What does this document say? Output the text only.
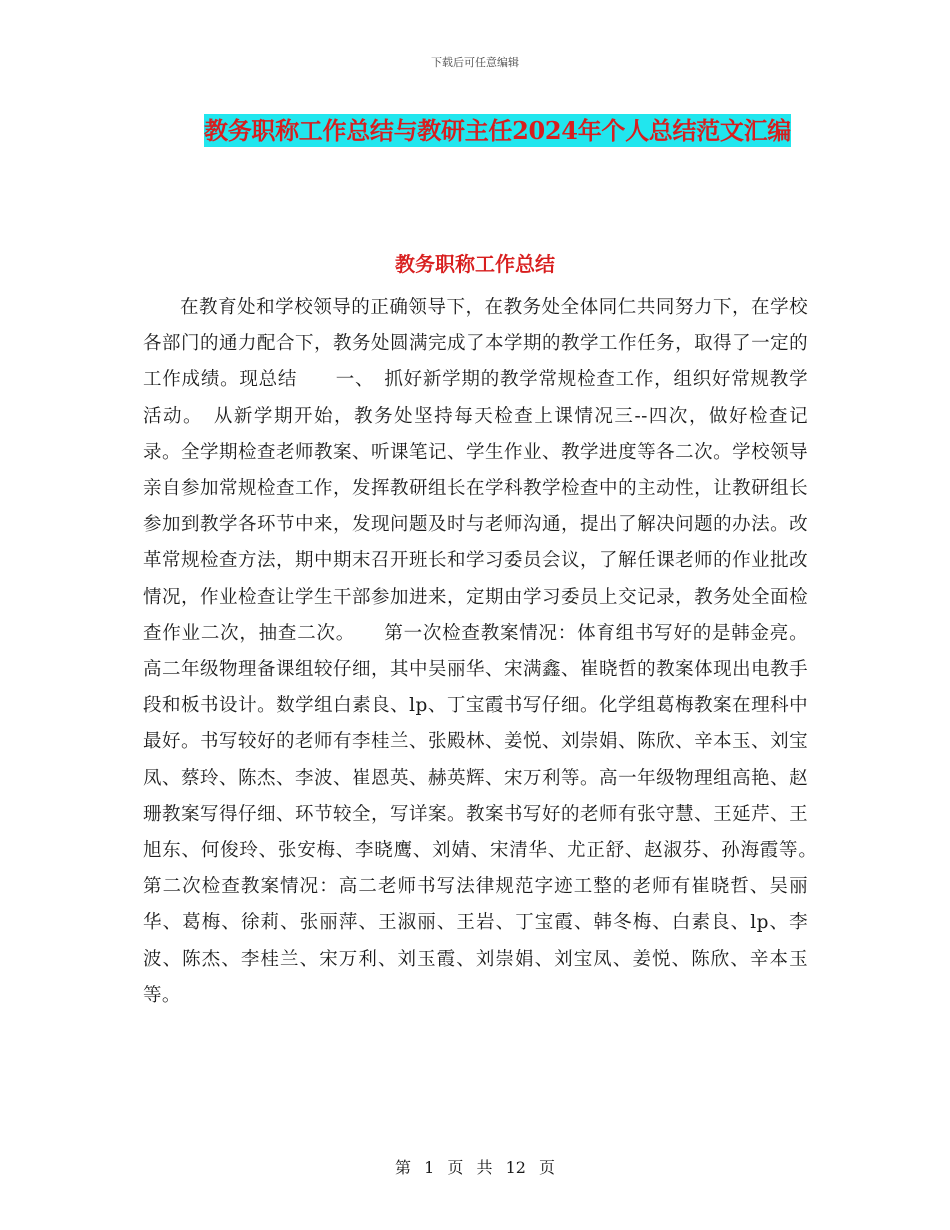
下载后可任意编辑
教务职称工作总结与教研主任2024年个人总结范文汇编
教务职称工作总结
在教育处和学校领导的正确领导下，在教务处全体同仁共同努力下，在学校各部门的通力配合下，教务处圆满完成了本学期的教学工作任务，取得了一定的工作成绩。现总结　　一、　抓好新学期的教学常规检查工作，组织好常规教学活动。　从新学期开始，教务处坚持每天检查上课情况三--四次，做好检查记录。全学期检查老师教案、听课笔记、学生作业、教学进度等各二次。学校领导亲自参加常规检查工作，发挥教研组长在学科教学检查中的主动性，让教研组长参加到教学各环节中来，发现问题及时与老师沟通，提出了解决问题的办法。改革常规检查方法，期中期末召开班长和学习委员会议，了解任课老师的作业批改情况，作业检查让学生干部参加进来，定期由学习委员上交记录，教务处全面检查作业二次，抽查二次。　　第一次检查教案情况：体育组书写好的是韩金亮。高二年级物理备课组较仔细，其中吴丽华、宋满鑫、崔晓哲的教案体现出电教手段和板书设计。数学组白素良、lp、丁宝霞书写仔细。化学组葛梅教案在理科中最好。书写较好的老师有李桂兰、张殿林、姜悦、刘崇娟、陈欣、辛本玉、刘宝凤、蔡玲、陈杰、李波、崔恩英、赫英辉、宋万利等。高一年级物理组高艳、赵珊教案写得仔细、环节较全，写详案。教案书写好的老师有张守慧、王延芹、王旭东、何俊玲、张安梅、李晓鹰、刘婧、宋清华、尤正舒、赵淑芬、孙海霞等。　　第二次检查教案情况：高二老师书写法律规范字迹工整的老师有崔晓哲、吴丽华、葛梅、徐莉、张丽萍、王淑丽、王岩、丁宝霞、韩冬梅、白素良、lp、李波、陈杰、李桂兰、宋万利、刘玉霞、刘崇娟、刘宝凤、姜悦、陈欣、辛本玉等。
第 1 页 共 12 页
